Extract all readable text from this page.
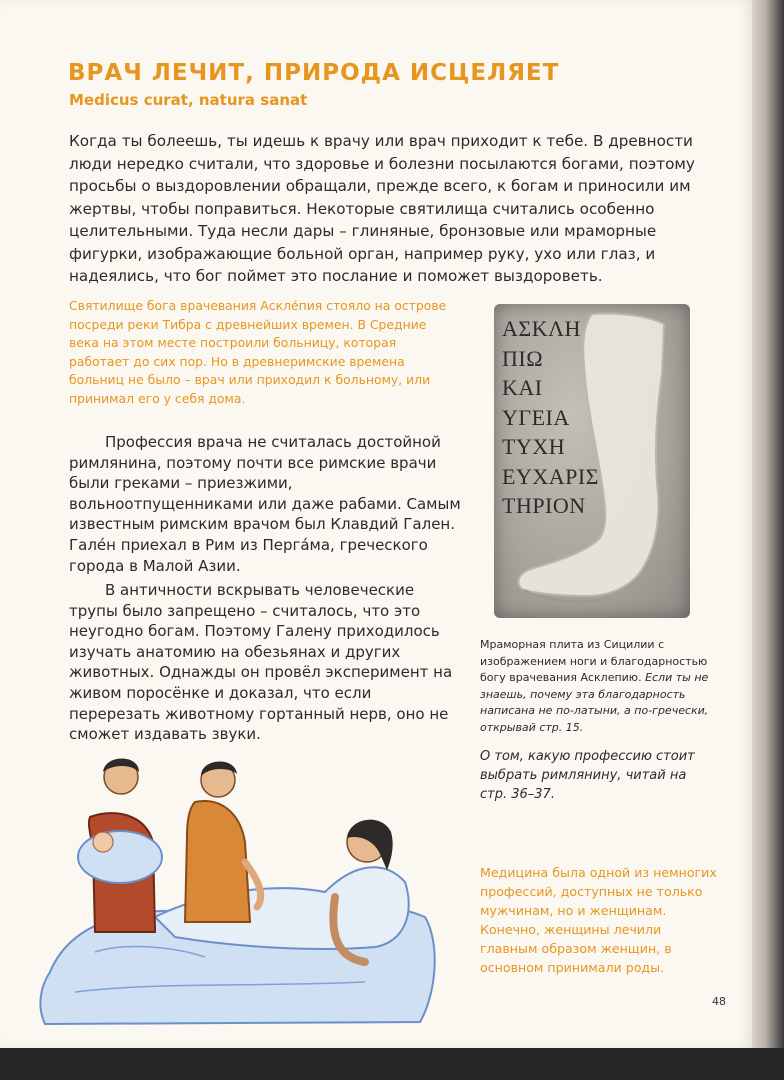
ВРАЧ ЛЕЧИТ, ПРИРОДА ИСЦЕЛЯЕТ
Medicus curat, natura sanat

Когда ты болеешь, ты идешь к врачу или врач приходит к тебе. В древности люди нередко считали, что здоровье и болезни посылаются богами, поэтому просьбы о выздоровлении обращали, прежде всего, к богам и приносили им жертвы, чтобы поправиться. Некоторые святилища считались особенно целительными. Туда несли дары – глиняные, бронзовые или мраморные фигурки, изображающие больной орган, например руку, ухо или глаз, и надеялись, что бог поймет это послание и поможет выздороветь.

Святилище бога врачевания Аскле́пия стояло на острове посреди реки Тибра с древнейших времен. В Средние века на этом месте построили больницу, которая работает до сих пор. Но в древнеримские времена больниц не было – врач или приходил к больному, или принимал его у себя дома.

Профессия врача не считалась достойной римлянина, поэтому почти все римские врачи были греками – приезжими, вольноотпущенниками или даже рабами. Самым известным римским врачом был Клавдий Гален. Гале́н приехал в Рим из Перга́ма, греческого города в Малой Азии.

В античности вскрывать человеческие трупы было запрещено – считалось, что это неугодно богам. Поэтому Галену приходилось изучать анатомию на обезьянах и других животных. Однажды он провёл эксперимент на живом поросёнке и доказал, что если перерезать животному гортанный нерв, оно не сможет издавать звуки.

ΑΣΚΛΗ
ΠΙΩ
ΚΑΙ
ΥΓΕΙΑ
ΤΥΧΗ
ΕΥΧΑΡΙΣ
ΤΗΡΙΟΝ

Мраморная плита из Сицилии с изображением ноги и благодарностью богу врачевания Асклепию. Если ты не знаешь, почему эта благодарность написана не по-латыни, а по-гречески, открывай стр. 15.

О том, какую профессию стоит выбрать римлянину, читай на стр. 36–37.

Медицина была одной из немногих профессий, доступных не только мужчинам, но и женщинам. Конечно, женщины лечили главным образом женщин, в основном принимали роды.

48
